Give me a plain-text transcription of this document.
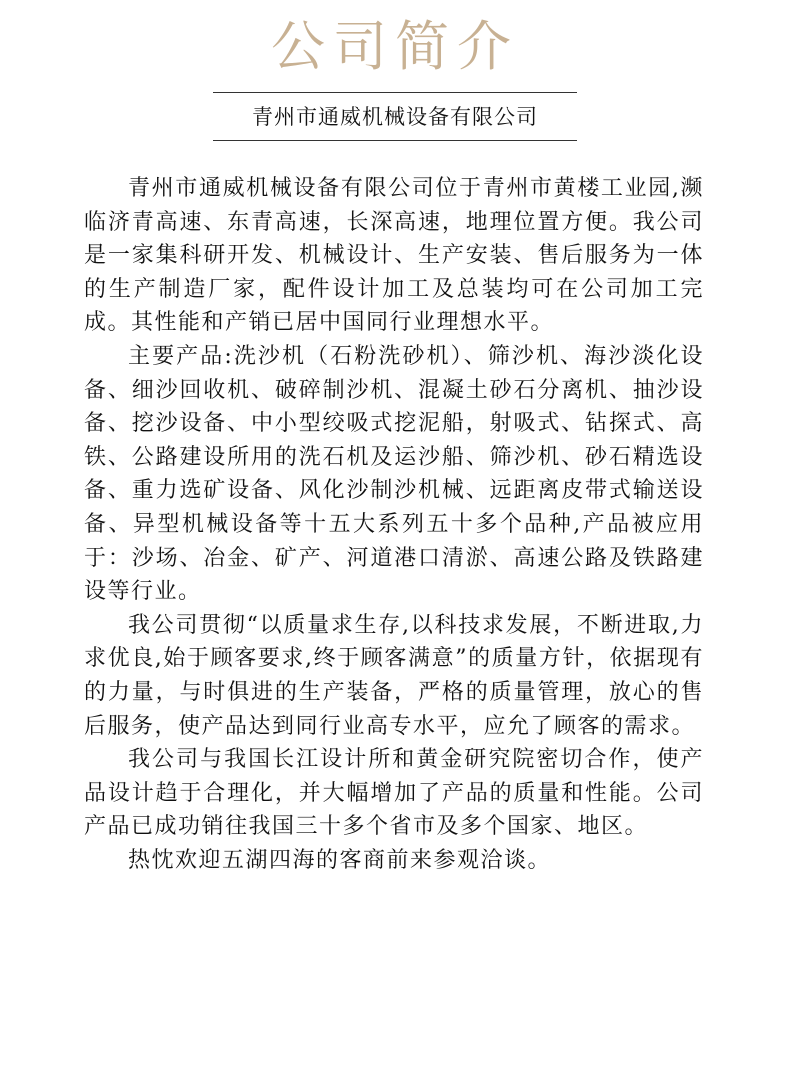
公司简介
青州市通威机械设备有限公司

青州市通威机械设备有限公司位于青州市黄楼工业园,濒临济青高速、东青高速，长深高速，地理位置方便。我公司是一家集科研开发、机械设计、生产安装、售后服务为一体的生产制造厂家，配件设计加工及总装均可在公司加工完成。其性能和产销已居中国同行业理想水平。

主要产品:洗沙机（石粉洗砂机）、筛沙机、海沙淡化设备、细沙回收机、破碎制沙机、混凝土砂石分离机、抽沙设备、挖沙设备、中小型绞吸式挖泥船，射吸式、钻探式、高铁、公路建设所用的洗石机及运沙船、筛沙机、砂石精选设备、重力选矿设备、风化沙制沙机械、远距离皮带式输送设备、异型机械设备等十五大系列五十多个品种,产品被应用于：沙场、冶金、矿产、河道港口清淤、高速公路及铁路建设等行业。

我公司贯彻“以质量求生存,以科技求发展，不断进取,力求优良,始于顾客要求,终于顾客满意”的质量方针，依据现有的力量，与时俱进的生产装备，严格的质量管理，放心的售后服务，使产品达到同行业高专水平，应允了顾客的需求。

我公司与我国长江设计所和黄金研究院密切合作，使产品设计趋于合理化，并大幅增加了产品的质量和性能。公司产品已成功销往我国三十多个省市及多个国家、地区。

热忱欢迎五湖四海的客商前来参观洽谈。
